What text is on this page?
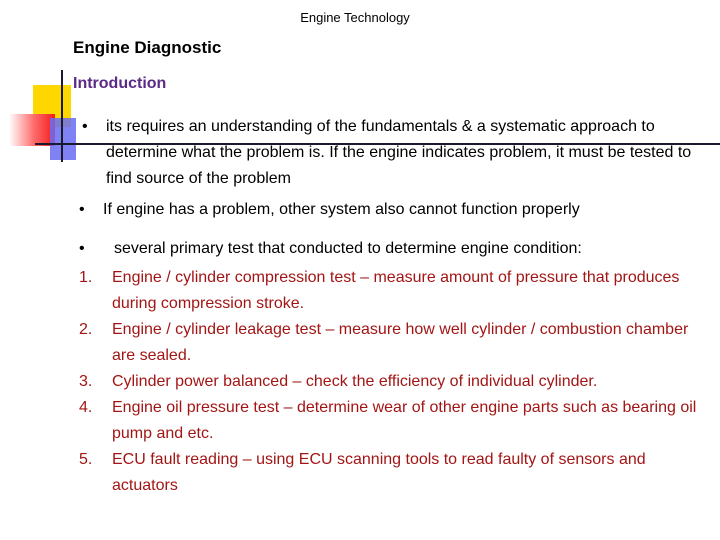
Engine Technology
Engine Diagnostic
Introduction
•	its requires an understanding of the fundamentals & a systematic approach to determine what the problem is. If the engine indicates problem, it must be tested to find source of the problem
•	If engine has a problem, other system also cannot function properly
•	several primary test that conducted to determine engine condition:
1.	Engine / cylinder compression test – measure amount of pressure that produces during compression stroke.
2.	Engine / cylinder leakage test – measure how well cylinder / combustion chamber are sealed.
3.	Cylinder power balanced – check the efficiency of individual cylinder.
4.	Engine oil pressure test – determine wear of other engine parts such as bearing oil pump and etc.
5.	ECU fault reading – using ECU scanning tools to read faulty of sensors and actuators
